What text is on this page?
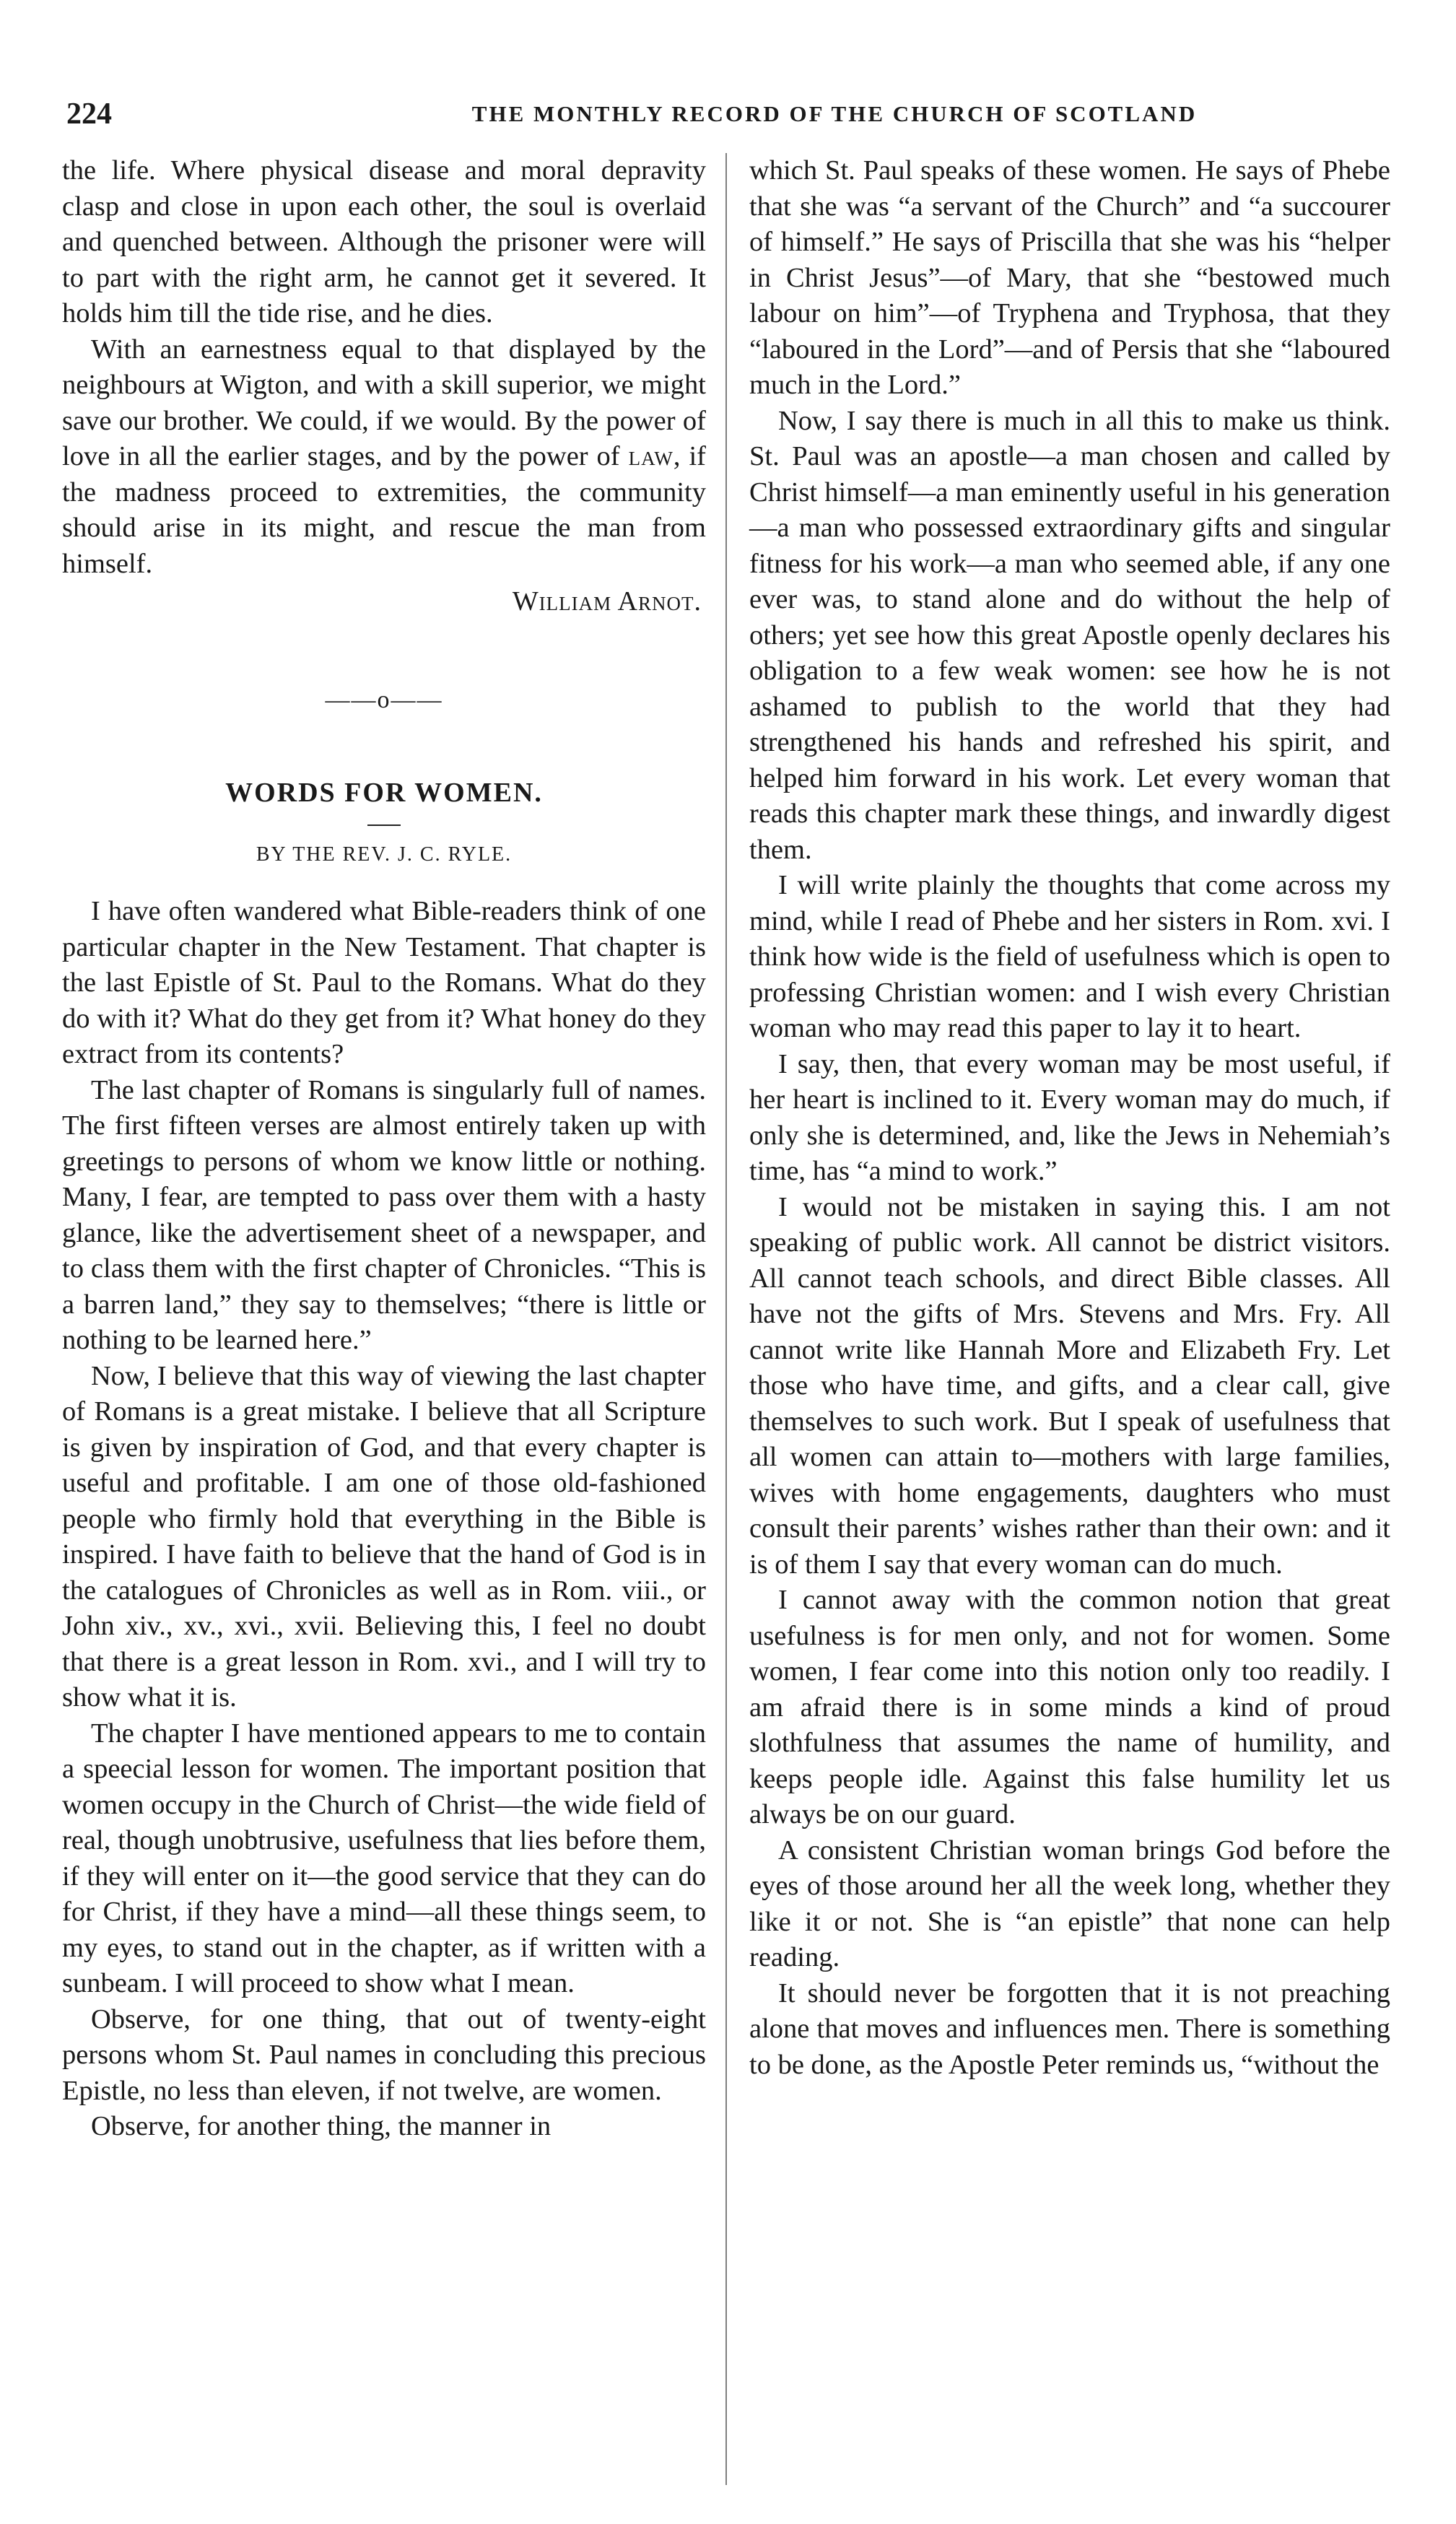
224	THE MONTHLY RECORD OF THE CHURCH OF SCOTLAND

the life. Where physical disease and moral depravity clasp and close in upon each other, the soul is overlaid and quenched between. Although the prisoner were will to part with the right arm, he cannot get it severed. It holds him till the tide rise, and he dies.

With an earnestness equal to that displayed by the neighbours at Wigton, and with a skill superior, we might save our brother. We could, if we would. By the power of love in all the earlier stages, and by the power of law, if the madness proceed to extremities, the community should arise in its might, and rescue the man from himself.

William Arnot.
——o——
WORDS FOR WOMEN.
BY THE REV. J. C. RYLE.

I have often wandered what Bible-readers think of one particular chapter in the New Testament. That chapter is the last Epistle of St. Paul to the Romans. What do they do with it? What do they get from it? What honey do they extract from its contents?

The last chapter of Romans is singularly full of names. The first fifteen verses are almost entirely taken up with greetings to persons of whom we know little or nothing. Many, I fear, are tempted to pass over them with a hasty glance, like the advertisement sheet of a newspaper, and to class them with the first chapter of Chronicles. “This is a barren land,” they say to themselves; “there is little or nothing to be learned here.”

Now, I believe that this way of viewing the last chapter of Romans is a great mistake. I believe that all Scripture is given by inspiration of God, and that every chapter is useful and profitable. I am one of those old-fashioned people who firmly hold that everything in the Bible is inspired. I have faith to believe that the hand of God is in the catalogues of Chronicles as well as in Rom. viii., or John xiv., xv., xvi., xvii. Believing this, I feel no doubt that there is a great lesson in Rom. xvi., and I will try to show what it is.

The chapter I have mentioned appears to me to contain a speecial lesson for women. The important position that women occupy in the Church of Christ—the wide field of real, though unobtrusive, usefulness that lies before them, if they will enter on it—the good service that they can do for Christ, if they have a mind—all these things seem, to my eyes, to stand out in the chapter, as if written with a sunbeam. I will proceed to show what I mean.

Observe, for one thing, that out of twenty-eight persons whom St. Paul names in concluding this precious Epistle, no less than eleven, if not twelve, are women.

Observe, for another thing, the manner in

which St. Paul speaks of these women. He says of Phebe that she was “a servant of the Church” and “a succourer of himself.” He says of Priscilla that she was his “helper in Christ Jesus”—of Mary, that she “bestowed much labour on him”—of Tryphena and Tryphosa, that they “laboured in the Lord”—and of Persis that she “laboured much in the Lord.”

Now, I say there is much in all this to make us think. St. Paul was an apostle—a man chosen and called by Christ himself—a man eminently useful in his generation—a man who possessed extraordinary gifts and singular fitness for his work—a man who seemed able, if any one ever was, to stand alone and do without the help of others; yet see how this great Apostle openly declares his obligation to a few weak women: see how he is not ashamed to publish to the world that they had strengthened his hands and refreshed his spirit, and helped him forward in his work. Let every woman that reads this chapter mark these things, and inwardly digest them.

I will write plainly the thoughts that come across my mind, while I read of Phebe and her sisters in Rom. xvi. I think how wide is the field of usefulness which is open to professing Christian women: and I wish every Christian woman who may read this paper to lay it to heart.

I say, then, that every woman may be most useful, if her heart is inclined to it. Every woman may do much, if only she is determined, and, like the Jews in Nehemiah’s time, has “a mind to work.”

I would not be mistaken in saying this. I am not speaking of public work. All cannot be district visitors. All cannot teach schools, and direct Bible classes. All have not the gifts of Mrs. Stevens and Mrs. Fry. All cannot write like Hannah More and Elizabeth Fry. Let those who have time, and gifts, and a clear call, give themselves to such work. But I speak of usefulness that all women can attain to—mothers with large families, wives with home engagements, daughters who must consult their parents’ wishes rather than their own: and it is of them I say that every woman can do much.

I cannot away with the common notion that great usefulness is for men only, and not for women. Some women, I fear come into this notion only too readily. I am afraid there is in some minds a kind of proud slothfulness that assumes the name of humility, and keeps people idle. Against this false humility let us always be on our guard.

A consistent Christian woman brings God before the eyes of those around her all the week long, whether they like it or not. She is “an epistle” that none can help reading.

It should never be forgotten that it is not preaching alone that moves and influences men. There is something to be done, as the Apostle Peter reminds us, “without the
